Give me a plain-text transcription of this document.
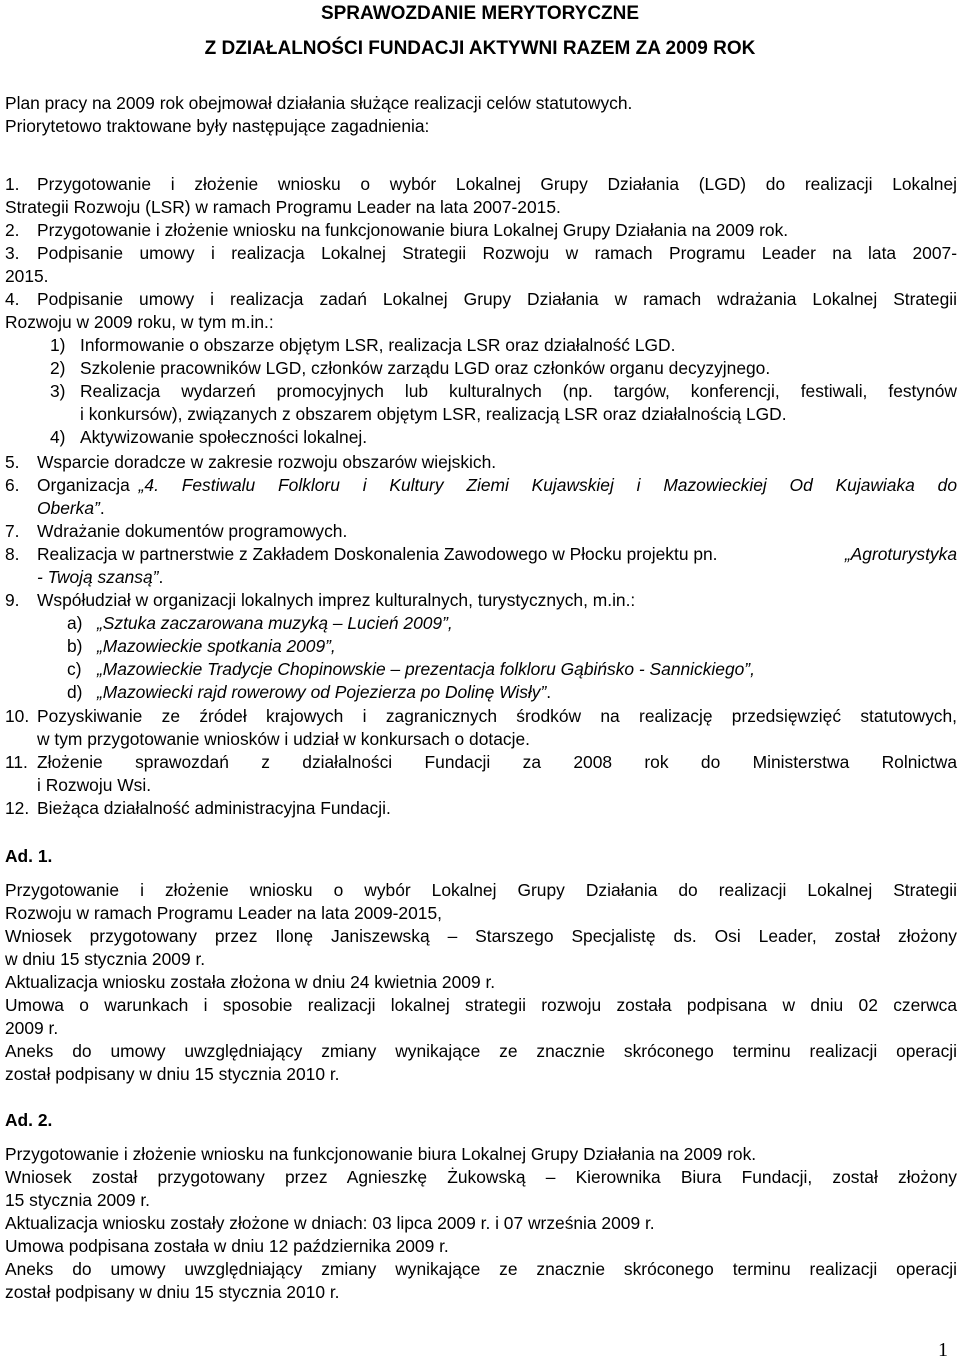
SPRAWOZDANIE MERYTORYCZNE
Z DZIAŁALNOŚCI FUNDACJI AKTYWNI RAZEM ZA 2009 ROK
Plan pracy na 2009 rok obejmował działania służące realizacji celów statutowych.
Priorytetowo traktowane były następujące zagadnienia:
1. Przygotowanie i złożenie wniosku o wybór Lokalnej Grupy Działania (LGD) do realizacji Lokalnej
Strategii Rozwoju (LSR) w ramach Programu Leader na lata 2007-2015.
2. Przygotowanie i złożenie wniosku na funkcjonowanie biura Lokalnej Grupy Działania na 2009 rok.
3. Podpisanie umowy i realizacja Lokalnej Strategii Rozwoju w ramach Programu Leader na lata 2007-
2015.
4. Podpisanie umowy i realizacja zadań Lokalnej Grupy Działania w ramach wdrażania Lokalnej Strategii
Rozwoju w 2009 roku, w tym m.in.:
1) Informowanie o obszarze objętym LSR, realizacja LSR oraz działalność LGD.
2) Szkolenie pracowników LGD, członków zarządu LGD oraz członków organu decyzyjnego.
3) Realizacja wydarzeń promocyjnych lub kulturalnych (np. targów, konferencji, festiwali, festynów
i konkursów), związanych z obszarem objętym LSR, realizacją LSR oraz działalnością LGD.
4) Aktywizowanie społeczności lokalnej.
5. Wsparcie doradcze w zakresie rozwoju obszarów wiejskich.
6. Organizacja „4. Festiwalu Folkloru i Kultury Ziemi Kujawskiej i Mazowieckiej Od Kujawiaka do
Oberka”.
7. Wdrażanie dokumentów programowych.
8. Realizacja w partnerstwie z Zakładem Doskonalenia Zawodowego w Płocku projektu pn.	„Agroturystyka
- Twoją szansą”.
9. Współudział w organizacji lokalnych imprez kulturalnych, turystycznych, m.in.:
a) „Sztuka zaczarowana muzyką – Lucień 2009”,
b) „Mazowieckie spotkania 2009”,
c) „Mazowieckie Tradycje Chopinowskie – prezentacja folkloru Gąbińsko - Sannickiego”,
d) „Mazowiecki rajd rowerowy od Pojezierza po Dolinę Wisły”.
10. Pozyskiwanie ze źródeł krajowych i zagranicznych środków na realizację przedsięwzięć statutowych,
w tym przygotowanie wniosków i udział w konkursach o dotacje.
11. Złożenie sprawozdań z działalności Fundacji za 2008 rok do Ministerstwa Rolnictwa
i Rozwoju Wsi.
12. Bieżąca działalność administracyjna Fundacji.
Ad. 1.
Przygotowanie i złożenie wniosku o wybór Lokalnej Grupy Działania do realizacji Lokalnej Strategii
Rozwoju w ramach Programu Leader na lata 2009-2015,
Wniosek przygotowany przez Ilonę Janiszewską – Starszego Specjalistę ds. Osi Leader, został złożony
w dniu 15 stycznia 2009 r.
Aktualizacja wniosku została złożona w dniu 24 kwietnia 2009 r.
Umowa o warunkach i sposobie realizacji lokalnej strategii rozwoju została podpisana w dniu 02 czerwca
2009 r.
Aneks do umowy uwzględniający zmiany wynikające ze znacznie skróconego terminu realizacji operacji
został podpisany w dniu 15 stycznia 2010 r.
Ad. 2.
Przygotowanie i złożenie wniosku na funkcjonowanie biura Lokalnej Grupy Działania na 2009 rok.
Wniosek został przygotowany przez Agnieszkę Żukowską – Kierownika Biura Fundacji, został złożony
15 stycznia 2009 r.
Aktualizacja wniosku zostały złożone w dniach: 03 lipca 2009 r. i 07 września 2009 r.
Umowa podpisana została w dniu 12 października 2009 r.
Aneks do umowy uwzględniający zmiany wynikające ze znacznie skróconego terminu realizacji operacji
został podpisany w dniu 15 stycznia 2010 r.
1
